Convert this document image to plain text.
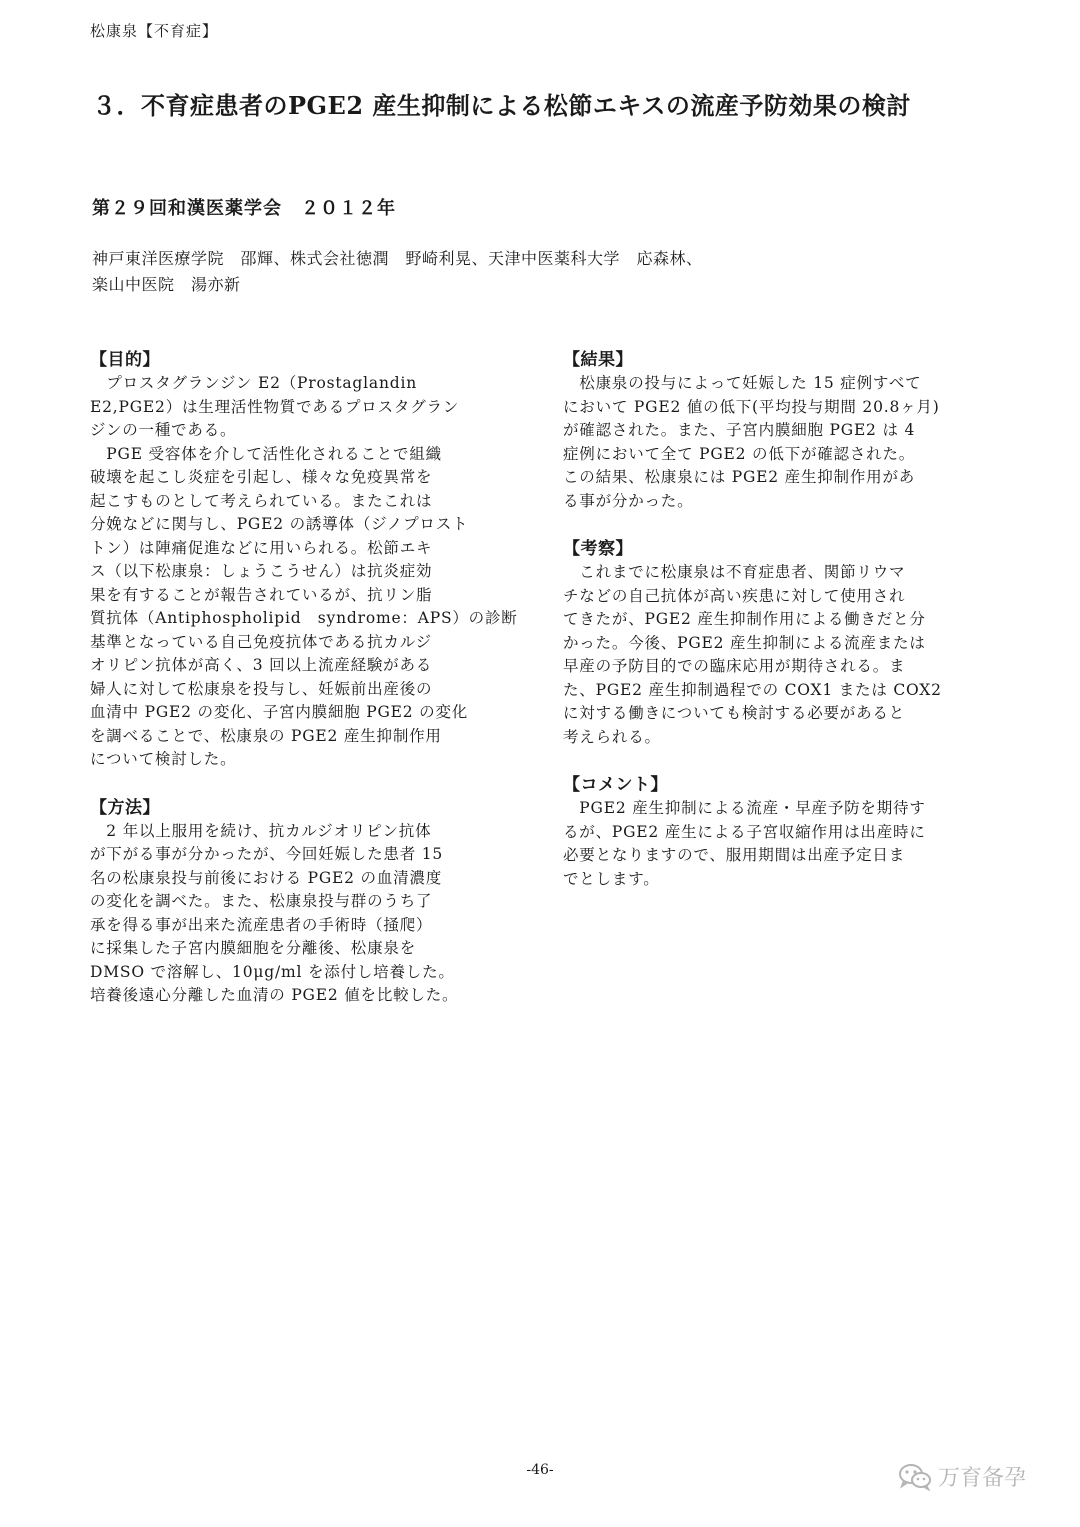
松康泉【不育症】
３．不育症患者のPGE2 産生抑制による松節エキスの流産予防効果の検討
第２９回和漢医薬学会　２０１２年
神戸東洋医療学院　邵輝、株式会社徳潤　野崎利晃、天津中医薬科大学　応森林、
楽山中医院　湯亦新
【目的】
　プロスタグランジン E2（Prostaglandin
E2,PGE2）は生理活性物質であるプロスタグラン
ジンの一種である。
　PGE 受容体を介して活性化されることで組織
破壊を起こし炎症を引起し、様々な免疫異常を
起こすものとして考えられている。またこれは
分娩などに関与し、PGE2 の誘導体（ジノプロスト
トン）は陣痛促進などに用いられる。松節エキ
ス（以下松康泉：しょうこうせん）は抗炎症効
果を有することが報告されているが、抗リン脂
質抗体（Antiphospholipid　syndrome：APS）の診断
基準となっている自己免疫抗体である抗カルジ
オリピン抗体が高く、3 回以上流産経験がある
婦人に対して松康泉を投与し、妊娠前出産後の
血清中 PGE2 の変化、子宮内膜細胞 PGE2 の変化
を調べることで、松康泉の PGE2 産生抑制作用
について検討した。
【方法】
　2 年以上服用を続け、抗カルジオリピン抗体
が下がる事が分かったが、今回妊娠した患者 15
名の松康泉投与前後における PGE2 の血清濃度
の変化を調べた。また、松康泉投与群のうち了
承を得る事が出来た流産患者の手術時（掻爬）
に採集した子宮内膜細胞を分離後、松康泉を
DMSO で溶解し、10μg/ml を添付し培養した。
培養後遠心分離した血清の PGE2 値を比較した。
【結果】
　松康泉の投与によって妊娠した 15 症例すべて
において PGE2 値の低下(平均投与期間 20.8ヶ月)
が確認された。また、子宮内膜細胞 PGE2 は 4
症例において全て PGE2 の低下が確認された。
この結果、松康泉には PGE2 産生抑制作用があ
る事が分かった。
【考察】
　これまでに松康泉は不育症患者、関節リウマ
チなどの自己抗体が高い疾患に対して使用され
てきたが、PGE2 産生抑制作用による働きだと分
かった。今後、PGE2 産生抑制による流産または
早産の予防目的での臨床応用が期待される。ま
た、PGE2 産生抑制過程での COX1 または COX2
に対する働きについても検討する必要があると
考えられる。
【コメント】
　PGE2 産生抑制による流産・早産予防を期待す
るが、PGE2 産生による子宮収縮作用は出産時に
必要となりますので、服用期間は出産予定日ま
でとします。
-46-	万育备孕
